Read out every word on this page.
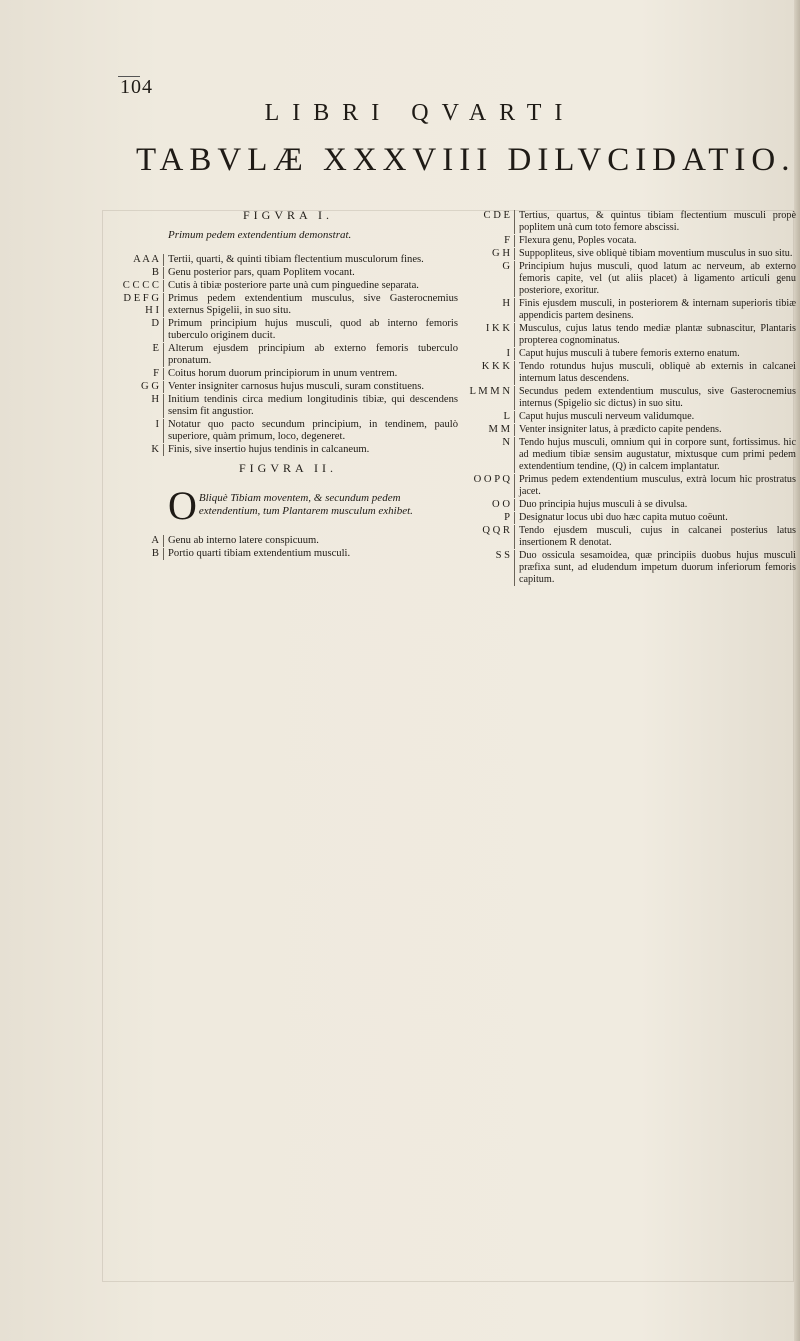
104
LIBRI QVARTI
TABVLÆ XXXVIII DILVCIDATIO.
FIGVRA I.
Primum pedem extendentium demonstrat.
A A A Tertii, quarti, & quinti tibiam flectentium musculorum fines.
B Genu posterior pars, quam Poplitem vocant.
C C C C Cutis à tibiæ posteriore parte unà cum pinguedine separata.
D E F G
H I
Primus pedem extendentium musculus, sive Gasterocnemius externus Spigelii, in suo situ.
D Primum principium hujus musculi, quod ab interno femoris tuberculo originem ducit.
E Alterum ejusdem principium ab externo femoris tuberculo pronatum.
F Coitus horum duorum principiorum in unum ventrem.
G G Venter insigniter carnosus hujus musculi, suram constituens.
H Initium tendinis circa medium longitudinis tibiæ, qui descendens sensim fit angustior.
I Notatur quo pacto secundum principium, in tendinem, paulò superiore, quàm primum, loco, degeneret.
K Finis, sive insertio hujus tendinis in calcaneum.
FIGVRA II.
O Bliquè Tibiam moventem, & secundum pedem extendentium, tum Plantarem musculum exhibet.
A Genu ab interno latere conspicuum.
B Portio quarti tibiam extendentium musculi.
C D E Tertius, quartus, & quintus tibiam flectentium musculi propè poplitem unà cum toto femore abscissi.
F Flexura genu, Poples vocata.
G H Suppopliteus, sive obliquè tibiam moventium musculus in suo situ.
G Principium hujus musculi, quod latum ac nerveum, ab externo femoris capite, vel (ut aliis placet) à ligamento articuli genu posteriore, exoritur.
H Finis ejusdem musculi, in posteriorem & internam superioris tibiæ appendicis partem desinens.
I K K Musculus, cujus latus tendo mediæ plantæ subnascitur, Plantaris propterea cognominatus.
I Caput hujus musculi à tubere femoris externo enatum.
K K K Tendo rotundus hujus musculi, obliquè ab externis in calcanei internum latus descendens.
L M M N Secundus pedem extendentium musculus, sive Gasterocnemius internus (Spigelio sic dictus) in suo situ.
L Caput hujus musculi nerveum validumque.
M M Venter insigniter latus, à prædicto capite pendens.
N Tendo hujus musculi, omnium qui in corpore sunt, fortissimus. hic ad medium tibiæ sensim augustatur, mixtusque cum primi pedem extendentium tendine, (Q) in calcem implantatur.
O O P Q Primus pedem extendentium musculus, extrà locum hic prostratus jacet.
O O Duo principia hujus musculi à se divulsa.
P Designatur locus ubi duo hæc capita mutuo coëunt.
Q Q R Tendo ejusdem musculi, cujus in calcanei posterius latus insertionem R denotat.
S S Duo ossicula sesamoidea, quæ principiis duobus hujus musculi præfixa sunt, ad eludendum impetum duorum inferiorum femoris capitum.
